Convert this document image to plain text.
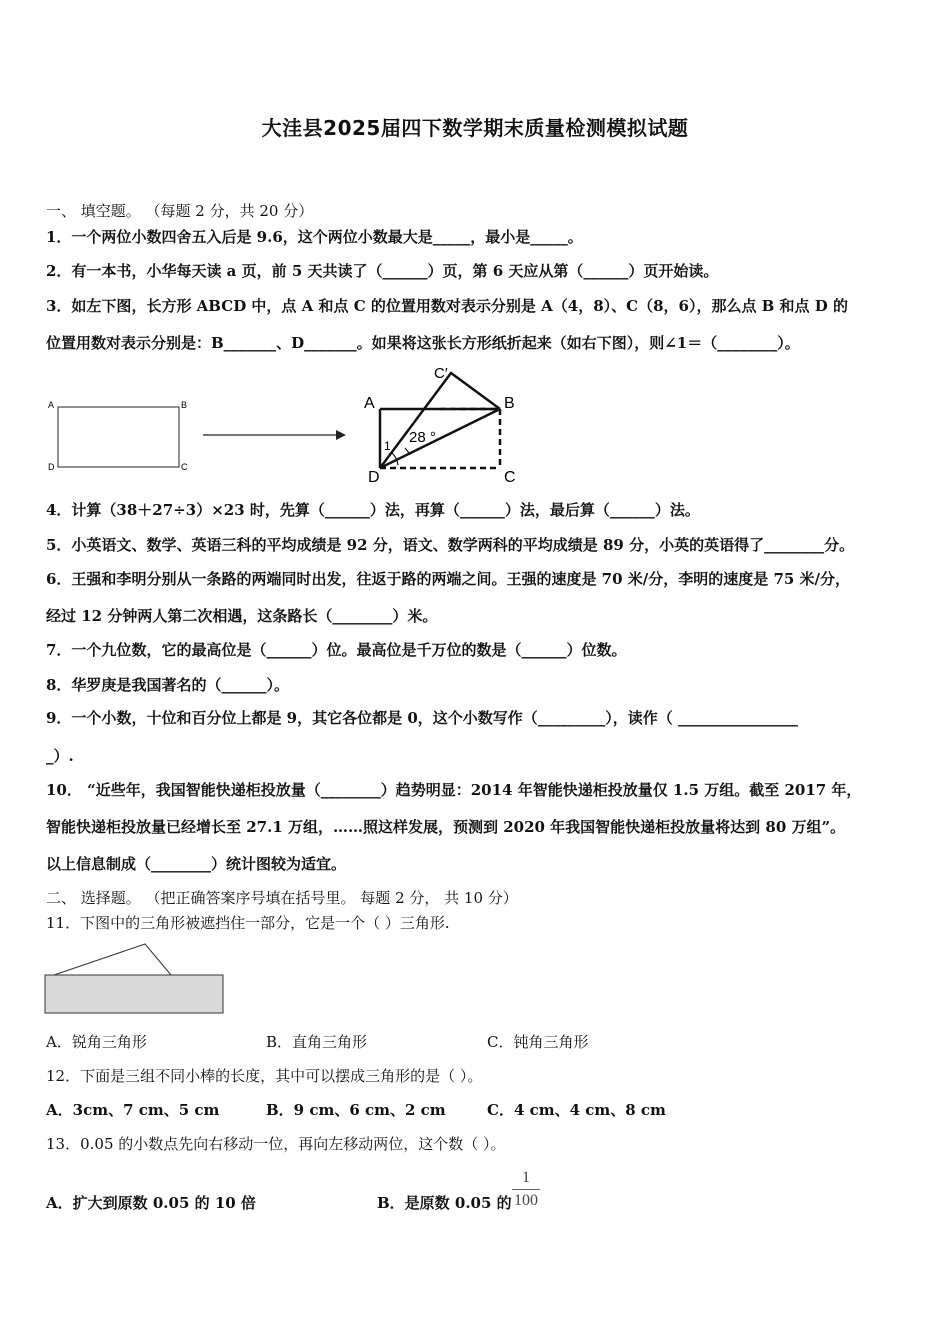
大洼县2025届四下数学期末质量检测模拟试题
一、 填空题。 （每题 2 分，共 20 分）
1．一个两位小数四舍五入后是 9.6，这个两位小数最大是_____，最小是_____。
2．有一本书，小华每天读 a 页，前 5 天共读了（______）页，第 6 天应从第（______）页开始读。
3．如左下图，长方形 ABCD 中，点 A 和点 C 的位置用数对表示分别是 A（4，8）、C（8，6），那么点 B 和点 D 的
位置用数对表示分别是：B_______、D_______。如果将这张长方形纸折起来（如右下图），则∠1＝（________）。
A	B
D	C
A	B
C
D
C′
28 °
1
4．计算（38＋27÷3）×23 时，先算（______）法，再算（______）法，最后算（______）法。
5．小英语文、数学、英语三科的平均成绩是 92 分，语文、数学两科的平均成绩是 89 分，小英的英语得了________分。
6．王强和李明分别从一条路的两端同时出发，往返于路的两端之间。王强的速度是 70 米/分，李明的速度是 75 米/分，
经过 12 分钟两人第二次相遇，这条路长（________）米。
7．一个九位数，它的最高位是（______）位。最高位是千万位的数是（______）位数。
8．华罗庚是我国著名的（______）。
9．一个小数，十位和百分位上都是 9，其它各位都是 0，这个小数写作（_________），读作（ ________________
_）.
10． “近些年，我国智能快递柜投放量（________）趋势明显：2014 年智能快递柜投放量仅 1.5 万组。截至 2017 年，
智能快递柜投放量已经增长至 27.1 万组，……照这样发展，预测到 2020 年我国智能快递柜投放量将达到 80 万组”。
以上信息制成（________）统计图较为适宜。
二、 选择题。 （把正确答案序号填在括号里。 每题 2 分， 共 10 分）
11．下图中的三角形被遮挡住一部分，它是一个（ ）三角形.
A．锐角三角形	B．直角三角形	C．钝角三角形
12．下面是三组不同小棒的长度，其中可以摆成三角形的是（ ）。
A．3cm、7 cm、5 cm	B．9 cm、6 cm、2 cm	C．4 cm、4 cm、8 cm
13．0.05 的小数点先向右移动一位，再向左移动两位，这个数（ ）。
A．扩大到原数 0.05 的 10 倍	B．是原数 0.05 的
1
100
